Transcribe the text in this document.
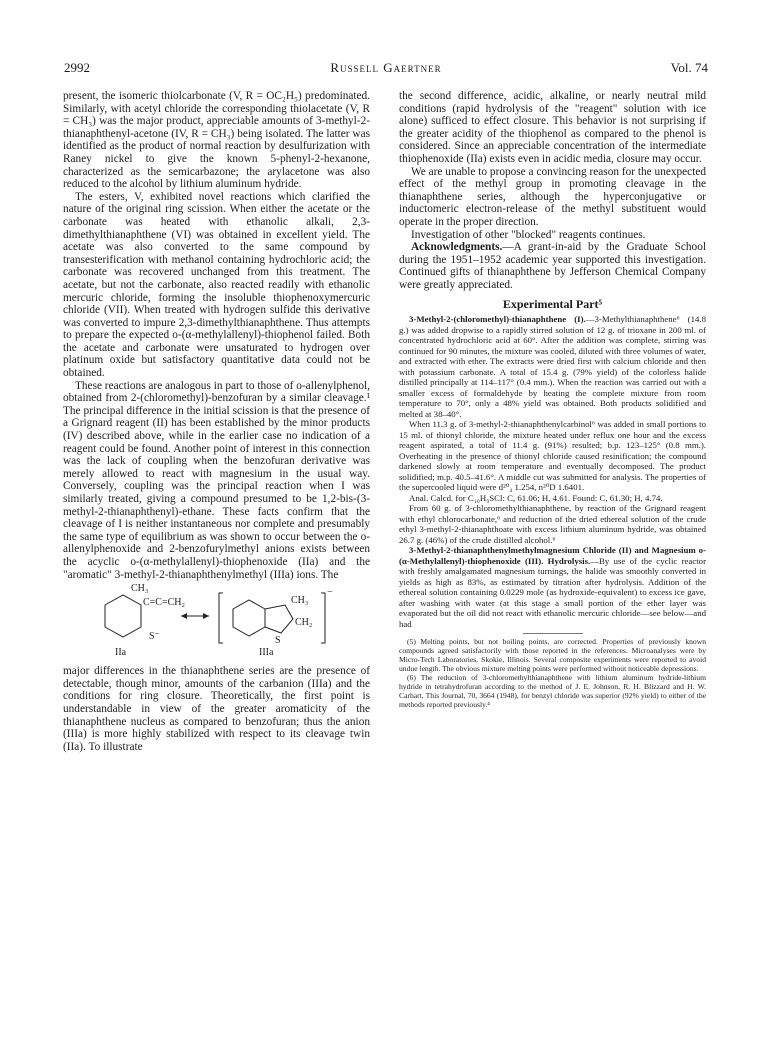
2992	Russell Gaertner	Vol. 74

present, the isomeric thiolcarbonate (V, R = OC₂H₅) predominated. Similarly, with acetyl chloride the corresponding thiolacetate (V, R = CH₃) was the major product, appreciable amounts of 3-methyl-2-thianaphthenyl-acetone (IV, R = CH₃) being isolated. The latter was identified as the product of normal reaction by desulfurization with Raney nickel to give the known 5-phenyl-2-hexanone, characterized as the semicarbazone; the arylacetone was also reduced to the alcohol by lithium aluminum hydride.

The esters, V, exhibited novel reactions which clarified the nature of the original ring scission. When either the acetate or the carbonate was heated with ethanolic alkali, 2,3-dimethylthianaphthene (VI) was obtained in excellent yield. The acetate was also converted to the same compound by transesterification with methanol containing hydrochloric acid; the carbonate was recovered unchanged from this treatment. The acetate, but not the carbonate, also reacted readily with ethanolic mercuric chloride, forming the insoluble thiophenoxymercuric chloride (VII). When treated with hydrogen sulfide this derivative was converted to impure 2,3-dimethylthianaphthene. Thus attempts to prepare the expected o-(α-methylallenyl)-thiophenol failed. Both the acetate and carbonate were unsaturated to hydrogen over platinum oxide but satisfactory quantitative data could not be obtained.

These reactions are analogous in part to those of o-allenylphenol, obtained from 2-(chloromethyl)-benzofuran by a similar cleavage.¹ The principal difference in the initial scission is that the presence of a Grignard reagent (II) has been established by the minor products (IV) described above, while in the earlier case no indication of a reagent could be found. Another point of interest in this connection was the lack of coupling when the benzofuran derivative was merely allowed to react with magnesium in the usual way. Conversely, coupling was the principal reaction when I was similarly treated, giving a compound presumed to be 1,2-bis-(3-methyl-2-thianaphthenyl)-ethane. These facts confirm that the cleavage of I is neither instantaneous nor complete and presumably the same type of equilibrium as was shown to occur between the o-allenylphenoxide and 2-benzofurylmethyl anions exists between the acyclic o-(α-methylallenyl)-thiophenoxide (IIa) and the "aromatic" 3-methyl-2-thianaphthenylmethyl (IIIa) ions. The

CH₃
C=C=CH₂
S⁻
CH₃
CH₂
S
−
IIa	IIIa

major differences in the thianaphthene series are the presence of detectable, though minor, amounts of the carbanion (IIIa) and the conditions for ring closure. Theoretically, the first point is understandable in view of the greater aromaticity of the thianaphthene nucleus as compared to benzofuran; thus the anion (IIIa) is more highly stabilized with respect to its cleavage twin (IIa). To illustrate

the second difference, acidic, alkaline, or nearly neutral mild conditions (rapid hydrolysis of the "reagent" solution with ice alone) sufficed to effect closure. This behavior is not surprising if the greater acidity of the thiophenol as compared to the phenol is considered. Since an appreciable concentration of the intermediate thiophenoxide (IIa) exists even in acidic media, closure may occur.

We are unable to propose a convincing reason for the unexpected effect of the methyl group in promoting cleavage in the thianaphthene series, although the hyperconjugative or inductomeric electron-release of the methyl substituent would operate in the proper direction.

Investigation of other "blocked" reagents continues.

Acknowledgments.—A grant-in-aid by the Graduate School during the 1951–1952 academic year supported this investigation. Continued gifts of thianaphthene by Jefferson Chemical Company were greatly appreciated.

Experimental Part⁵

3-Methyl-2-(chloromethyl)-thianaphthene (I).—3-Methylthianaphthene⁶ (14.8 g.) was added dropwise to a rapidly stirred solution of 12 g. of trioxane in 200 ml. of concentrated hydrochloric acid at 60°. After the addition was complete, stirring was continued for 90 minutes, the mixture was cooled, diluted with three volumes of water, and extracted with ether. The extracts were dried first with calcium chloride and then with potassium carbonate. A total of 15.4 g. (79% yield) of the colorless halide distilled principally at 114–117° (0.4 mm.). When the reaction was carried out with a smaller excess of formaldehyde by heating the complete mixture from room temperature to 70°, only a 48% yield was obtained. Both products solidified and melted at 38–40°.

When 11.3 g. of 3-methyl-2-thianaphthenylcarbinol⁶ was added in small portions to 15 ml. of thionyl chloride, the mixture heated under reflux one hour and the excess reagent aspirated, a total of 11.4 g. (91%) resulted; b.p. 123–125° (0.8 mm.). Overheating in the presence of thionyl chloride caused resinification; the compound darkened slowly at room temperature and eventually decomposed. The product solidified; m.p. 40.5–41.6°. A middle cut was submitted for analysis. The properties of the supercooled liquid were d²⁰₄ 1.254, n²⁰D 1.6401.

Anal. Calcd. for C₁₀H₉SCl: C, 61.06; H, 4.61. Found: C, 61.30; H, 4.74.

From 60 g. of 3-chloromethylthianaphthene, by reaction of the Grignard reagent with ethyl chlorocarbonate,⁶ and reduction of the dried ethereal solution of the crude ethyl 3-methyl-2-thianaphthoate with excess lithium aluminum hydride, was obtained 26.7 g. (46%) of the crude distilled alcohol.⁶

3-Methyl-2-thianaphthenylmethylmagnesium Chloride (II) and Magnesium o-(α-Methylallenyl)-thiophenoxide (III). Hydrolysis.—By use of the cyclic reactor with freshly amalgamated magnesium turnings, the halide was smoothly converted in yields as high as 83%, as estimated by titration after hydrolysis. Addition of the ethereal solution containing 0.0229 mole (as hydroxide-equivalent) to excess ice gave, after washing with water (at this stage a small portion of the ether layer was evaporated but the oil did not react with ethanolic mercuric chloride—see below—and had

(5) Melting points, but not boiling points, are corrected. Properties of previously known compounds agreed satisfactorily with those reported in the references. Microanalyses were by Micro-Tech Laboratories, Skokie, Illinois. Several composite experiments were reported to avoid undue length. The obvious mixture melting points were performed without noticeable depressions.

(6) The reduction of 3-chloromethylthianaphthene with lithium aluminum hydride-lithium hydride in tetrahydrofuran according to the method of J. E. Johnson, R. H. Blizzard and H. W. Carhart, This Journal, 70, 3664 (1948), for benzyl chloride was superior (92% yield) to either of the methods reported previously.⁴
